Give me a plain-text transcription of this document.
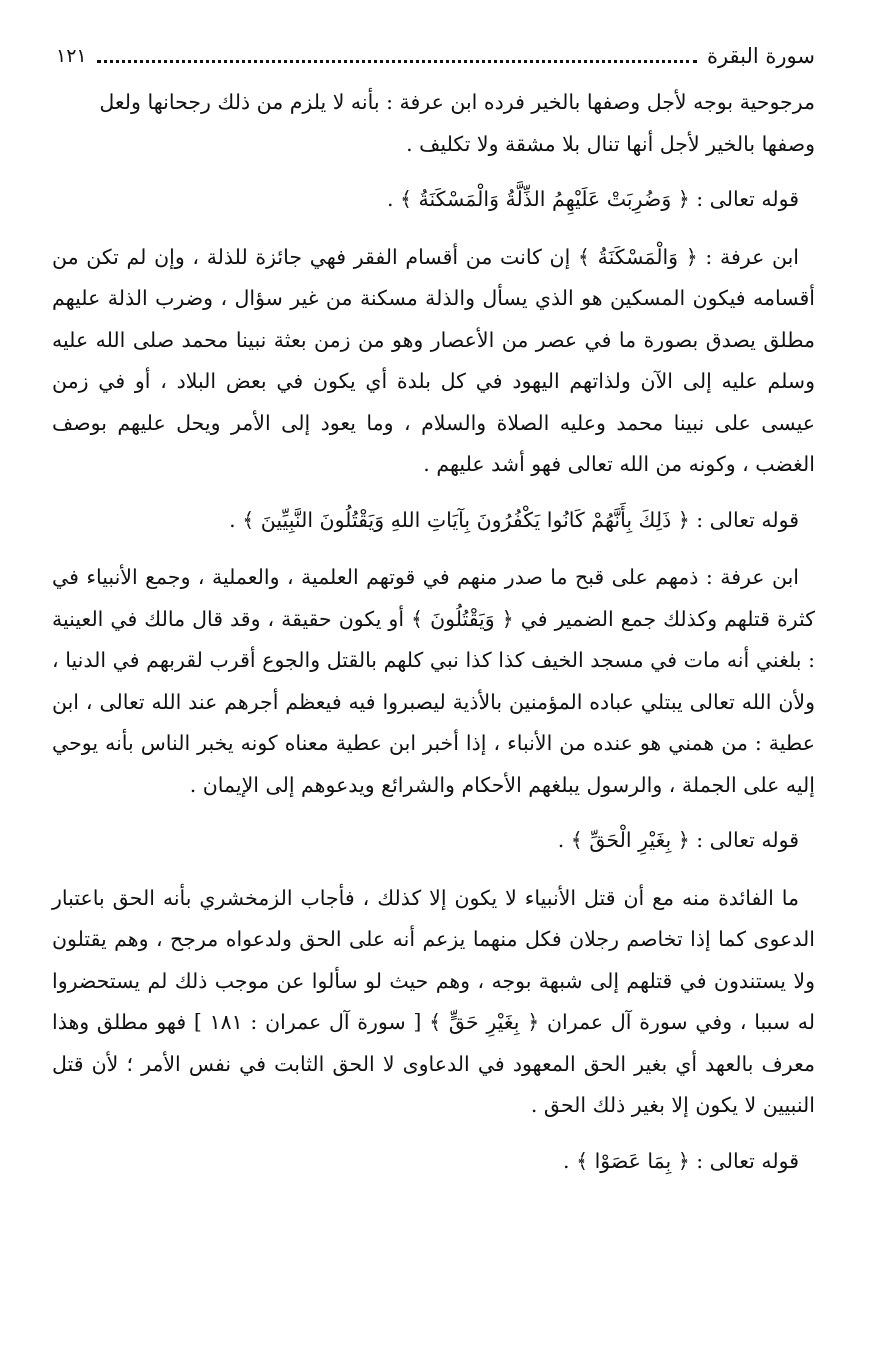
سورة البقرة
١٢١

مرجوحية بوجه لأجل وصفها بالخير فرده ابن عرفة : بأنه لا يلزم من ذلك رجحانها ولعل وصفها بالخير لأجل أنها تنال بلا مشقة ولا تكليف .

قوله تعالى : ﴿ وَضُرِبَتْ عَلَيْهِمُ الذِّلَّةُ وَالْمَسْكَنَةُ ﴾ .

ابن عرفة : ﴿ وَالْمَسْكَنَةُ ﴾ إن كانت من أقسام الفقر فهي جائزة للذلة ، وإن لم تكن من أقسامه فيكون المسكين هو الذي يسأل والذلة مسكنة من غير سؤال ، وضرب الذلة عليهم مطلق يصدق بصورة ما في عصر من الأعصار وهو من زمن بعثة نبينا محمد صلى الله عليه وسلم عليه إلى الآن ولذاتهم اليهود في كل بلدة أي يكون في بعض البلاد ، أو في زمن عيسى على نبينا محمد وعليه الصلاة والسلام ، وما يعود إلى الأمر ويحل عليهم بوصف الغضب ، وكونه من الله تعالى فهو أشد عليهم .

قوله تعالى : ﴿ ذَلِكَ بِأَنَّهُمْ كَانُوا يَكْفُرُونَ بِآيَاتِ اللهِ وَيَقْتُلُونَ النَّبِيِّينَ ﴾ .

ابن عرفة : ذمهم على قبح ما صدر منهم في قوتهم العلمية ، والعملية ، وجمع الأنبياء في كثرة قتلهم وكذلك جمع الضمير في ﴿ وَيَقْتُلُونَ ﴾ أو يكون حقيقة ، وقد قال مالك في العينية : بلغني أنه مات في مسجد الخيف كذا كذا نبي كلهم بالقتل والجوع أقرب لقربهم في الدنيا ، ولأن الله تعالى يبتلي عباده المؤمنين بالأذية ليصبروا فيه فيعظم أجرهم عند الله تعالى ، ابن عطية : من همني هو عنده من الأنباء ، إذا أخبر ابن عطية معناه كونه يخبر الناس بأنه يوحي إليه على الجملة ، والرسول يبلغهم الأحكام والشرائع ويدعوهم إلى الإيمان .

قوله تعالى : ﴿ بِغَيْرِ الْحَقِّ ﴾ .

ما الفائدة منه مع أن قتل الأنبياء لا يكون إلا كذلك ، فأجاب الزمخشري بأنه الحق باعتبار الدعوى كما إذا تخاصم رجلان فكل منهما يزعم أنه على الحق ولدعواه مرجح ، وهم يقتلون ولا يستندون في قتلهم إلى شبهة بوجه ، وهم حيث لو سألوا عن موجب ذلك لم يستحضروا له سببا ، وفي سورة آل عمران ﴿ بِغَيْرِ حَقٍّ ﴾ [ سورة آل عمران : ١٨١ ] فهو مطلق وهذا معرف بالعهد أي بغير الحق المعهود في الدعاوى لا الحق الثابت في نفس الأمر ؛ لأن قتل النبيين لا يكون إلا بغير ذلك الحق .

قوله تعالى : ﴿ بِمَا عَصَوْا ﴾ .
